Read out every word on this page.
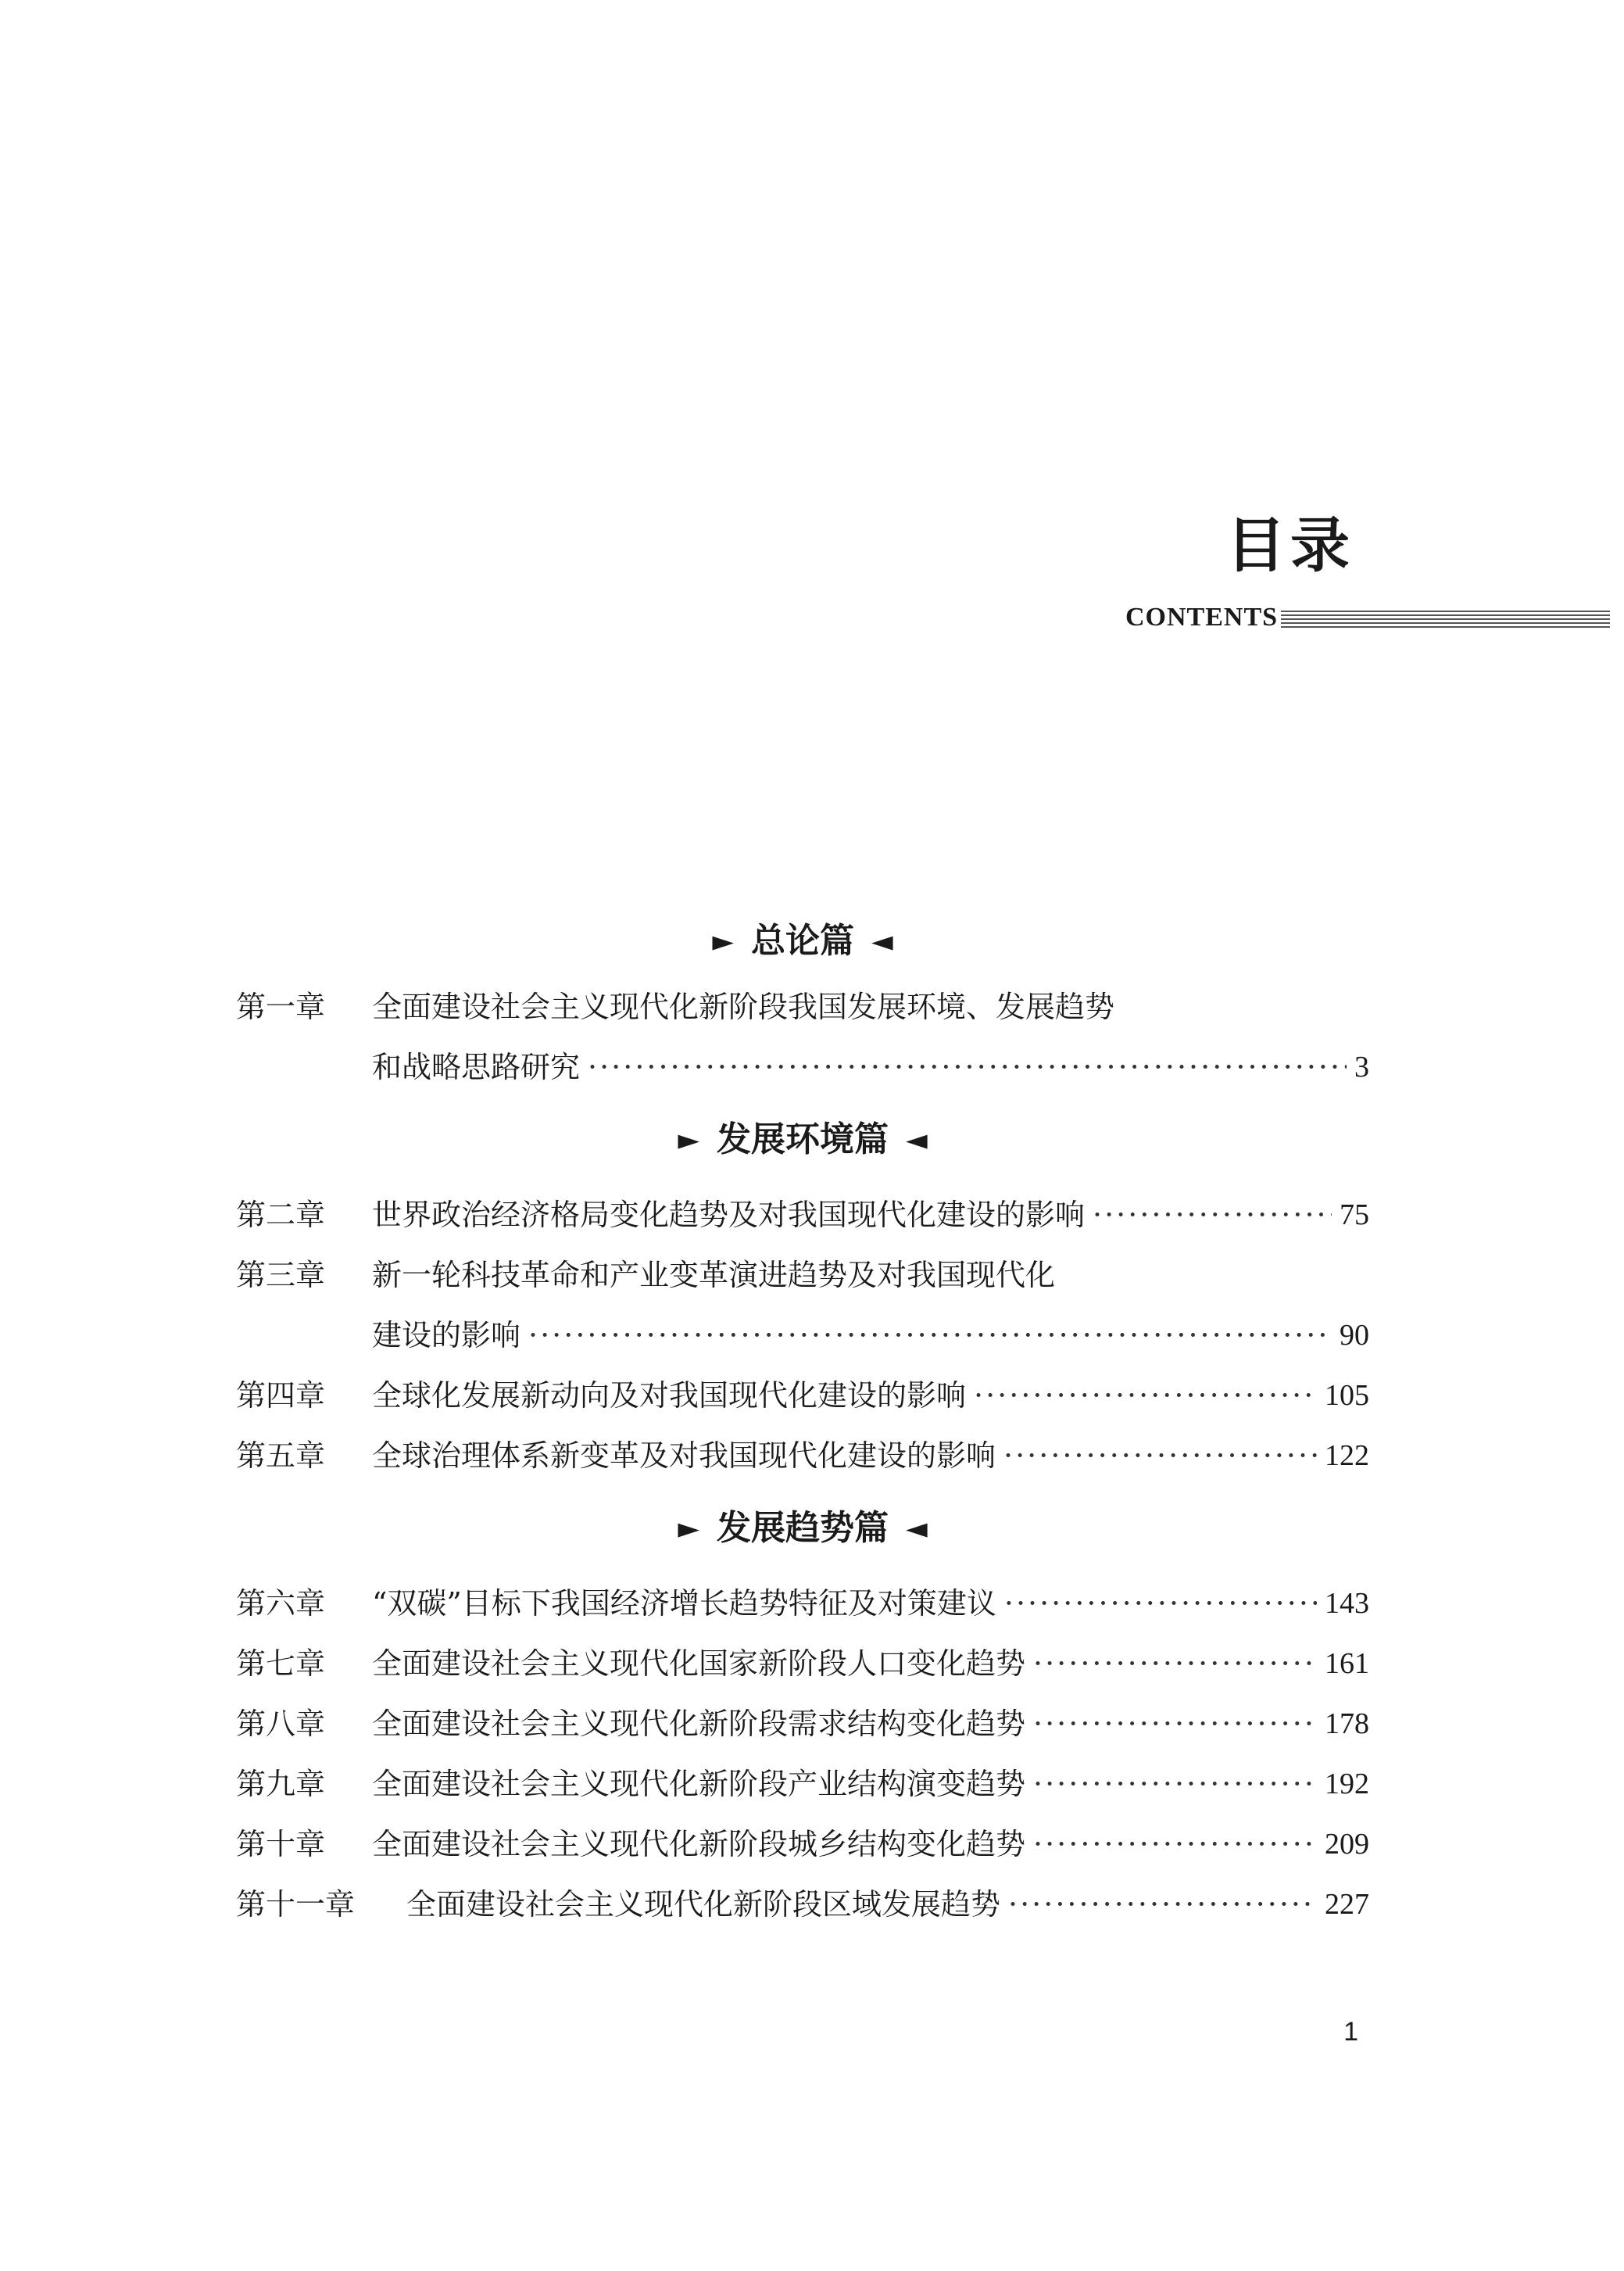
目录
CONTENTS
► 总论篇 ◄
第一章	全面建设社会主义现代化新阶段我国发展环境、发展趋势
和战略思路研究 ·····	3
► 发展环境篇 ◄
第二章	世界政治经济格局变化趋势及对我国现代化建设的影响 ·····	75
第三章	新一轮科技革命和产业变革演进趋势及对我国现代化
建设的影响 ·····	90
第四章	全球化发展新动向及对我国现代化建设的影响 ·····	105
第五章	全球治理体系新变革及对我国现代化建设的影响 ·····	122
► 发展趋势篇 ◄
第六章	“双碳”目标下我国经济增长趋势特征及对策建议 ·····	143
第七章	全面建设社会主义现代化国家新阶段人口变化趋势 ·····	161
第八章	全面建设社会主义现代化新阶段需求结构变化趋势 ·····	178
第九章	全面建设社会主义现代化新阶段产业结构演变趋势 ·····	192
第十章	全面建设社会主义现代化新阶段城乡结构变化趋势 ·····	209
第十一章	全面建设社会主义现代化新阶段区域发展趋势 ·····	227
1
